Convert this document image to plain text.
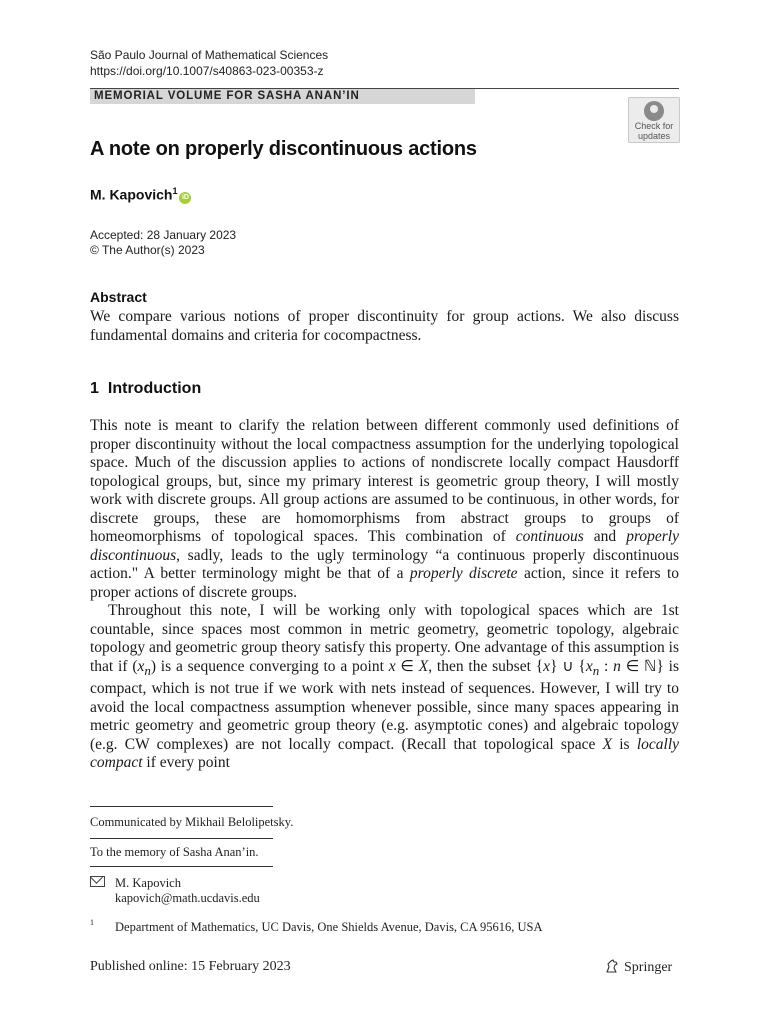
São Paulo Journal of Mathematical Sciences
https://doi.org/10.1007/s40863-023-00353-z
MEMORIAL VOLUME FOR SASHA ANAN’IN
Check for
updates
A note on properly discontinuous actions
M. Kapovich$^1$iD
Accepted: 28 January 2023
© The Author(s) 2023
Abstract
We compare various notions of proper discontinuity for group actions. We also discuss fundamental domains and criteria for cocompactness.
1 Introduction

This note is meant to clarify the relation between different commonly used definitions of proper discontinuity without the local compactness assumption for the underlying topological space. Much of the discussion applies to actions of nondiscrete locally compact Hausdorff topological groups, but, since my primary interest is geometric group theory, I will mostly work with discrete groups. All group actions are assumed to be continuous, in other words, for discrete groups, these are homomorphisms from abstract groups to groups of homeomorphisms of topological spaces. This combination of continuous and properly discontinuous, sadly, leads to the ugly terminology “a continuous properly discontinuous action." A better terminology might be that of a properly discrete action, since it refers to proper actions of discrete groups.

Throughout this note, I will be working only with topological spaces which are 1st countable, since spaces most common in metric geometry, geometric topology, algebraic topology and geometric group theory satisfy this property. One advantage of this assumption is that if $(x_n)$ is a sequence converging to a point x ∈ X, then the subset {x} ∪ {$x_n$ : n ∈ ℕ} is compact, which is not true if we work with nets instead of sequences. However, I will try to avoid the local compactness assumption whenever possible, since many spaces appearing in metric geometry and geometric group theory (e.g. asymptotic cones) and algebraic topology (e.g. CW complexes) are not locally compact. (Recall that topological space X is locally compact if every point

Communicated by Mikhail Belolipetsky.
To the memory of Sasha Anan’in.
M. Kapovich
kapovich@math.ucdavis.edu
1 Department of Mathematics, UC Davis, One Shields Avenue, Davis, CA 95616, USA
Published online: 15 February 2023	Springer
